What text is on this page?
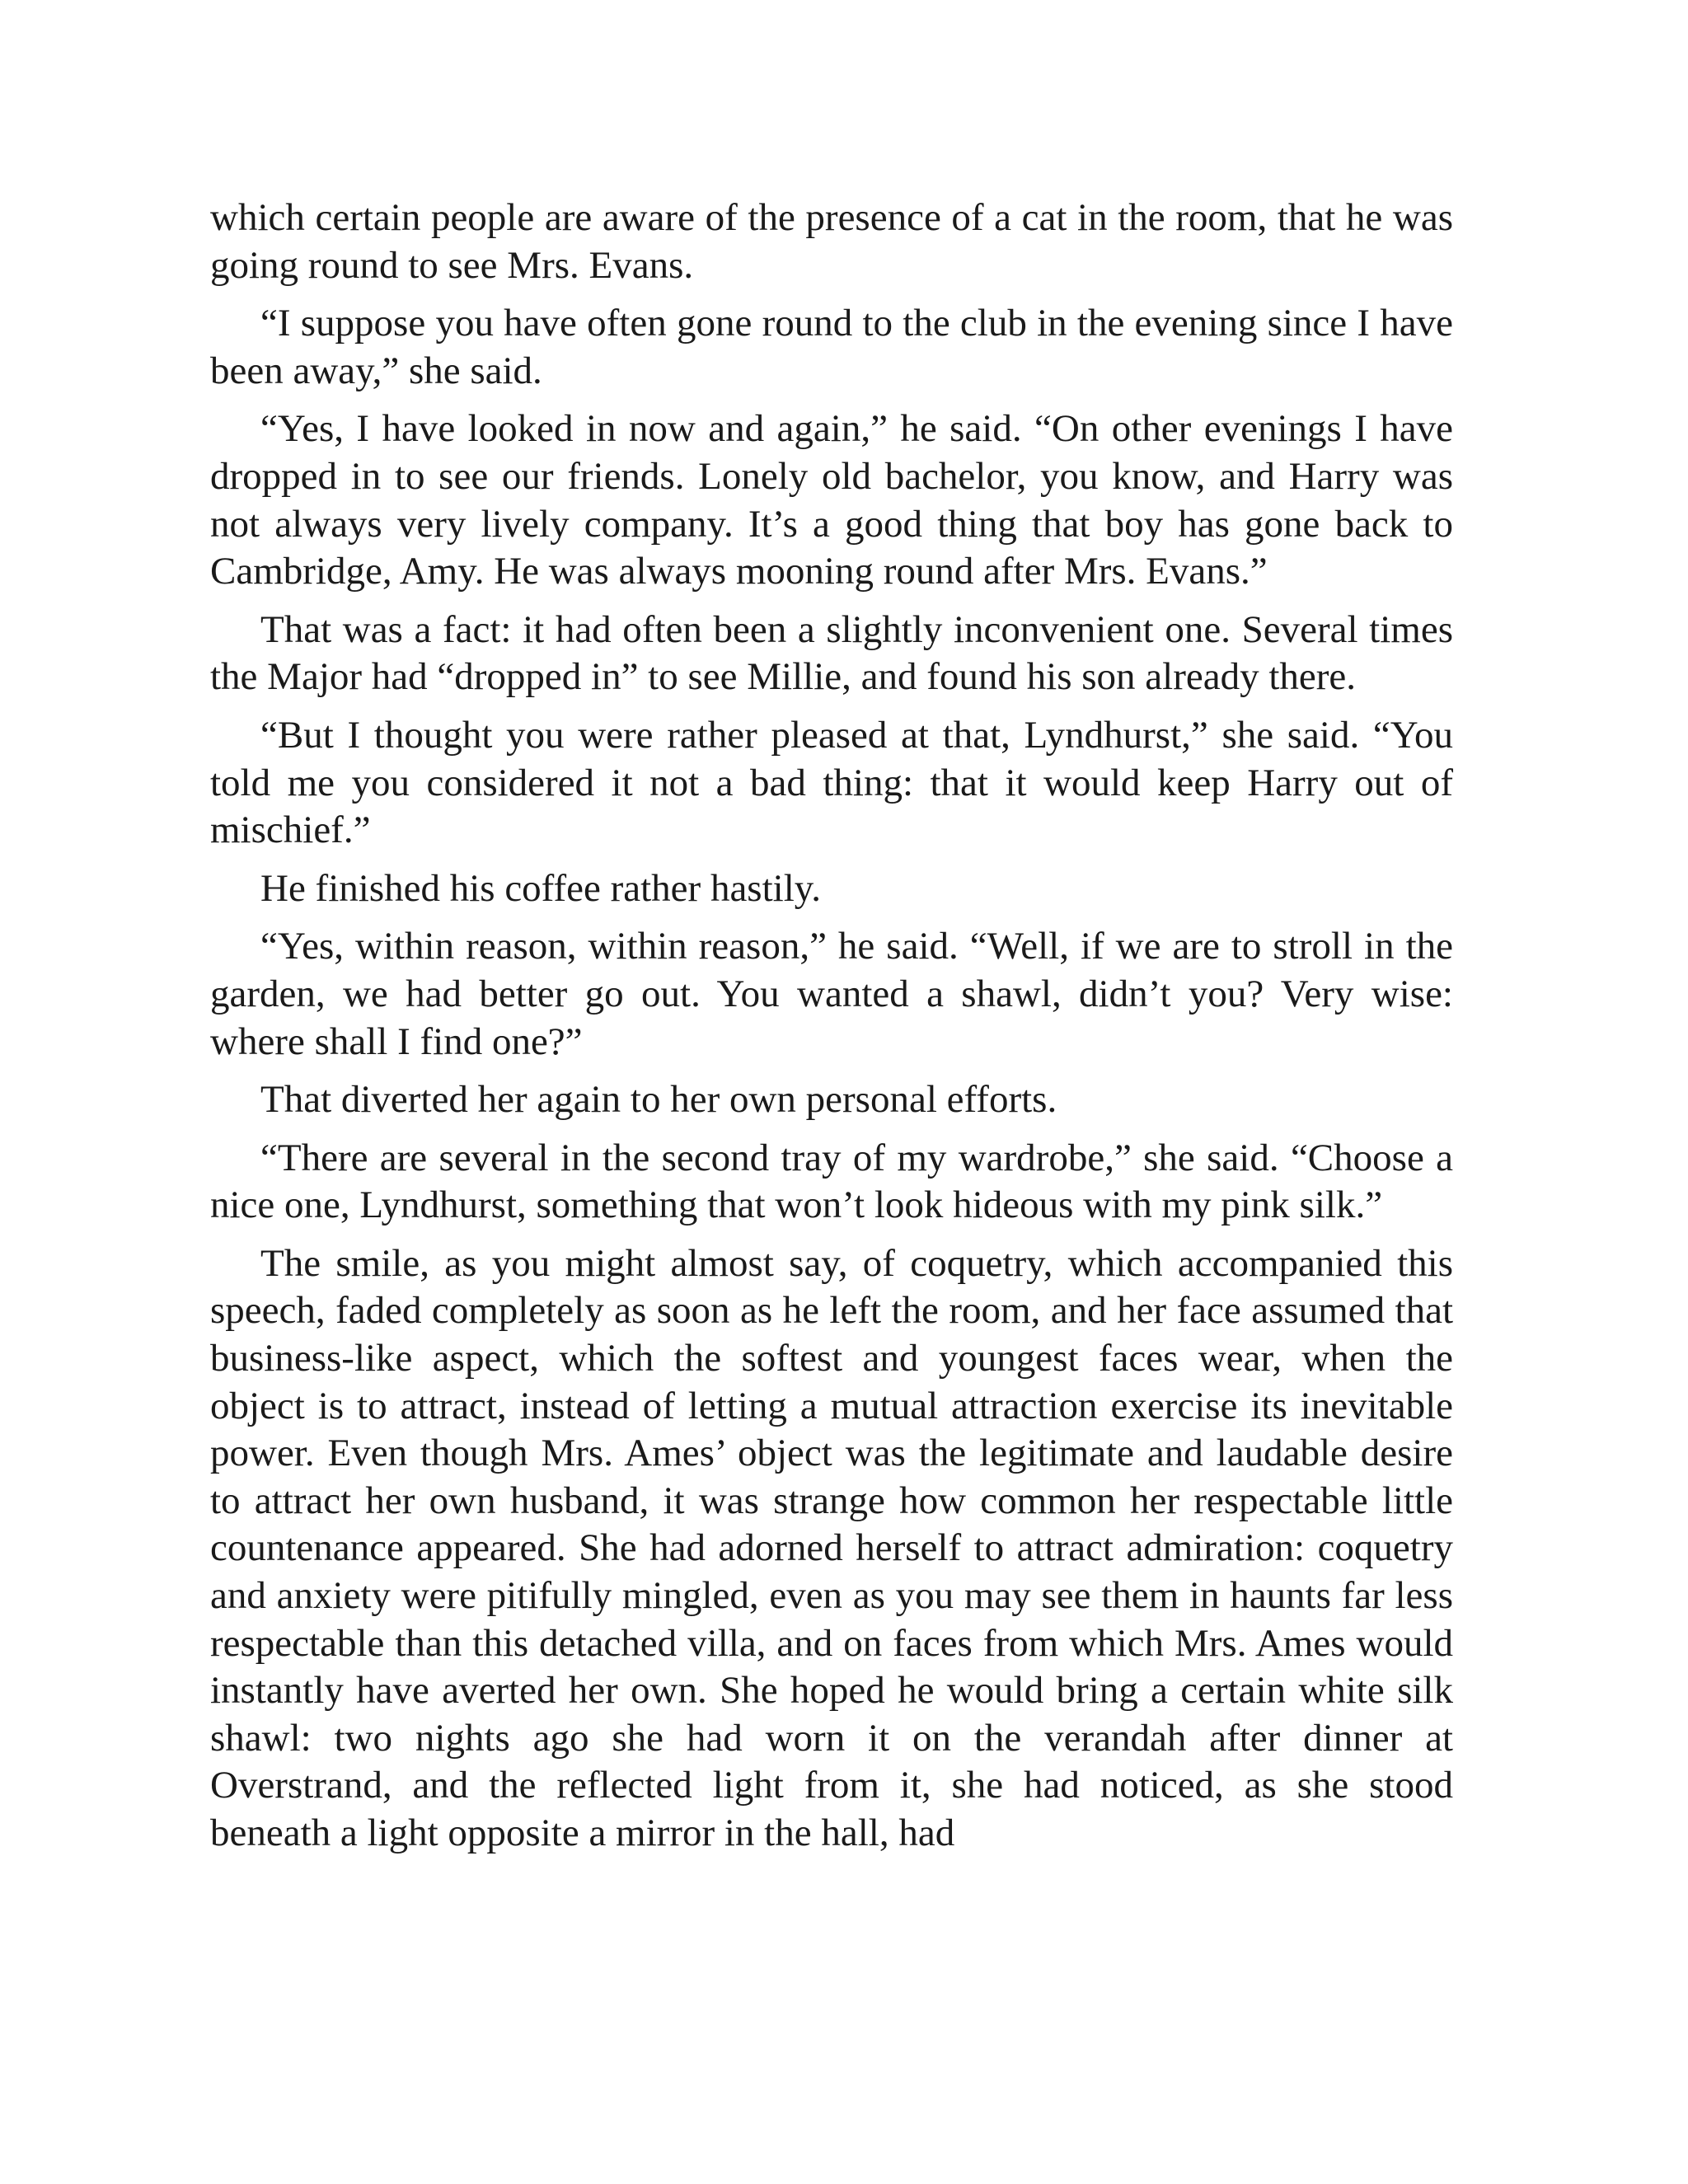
which certain people are aware of the presence of a cat in the room, that he was going round to see Mrs. Evans.

“I suppose you have often gone round to the club in the evening since I have been away,” she said.

“Yes, I have looked in now and again,” he said. “On other evenings I have dropped in to see our friends. Lonely old bachelor, you know, and Harry was not always very lively company. It’s a good thing that boy has gone back to Cambridge, Amy. He was always mooning round after Mrs. Evans.”

That was a fact: it had often been a slightly inconvenient one. Several times the Major had “dropped in” to see Millie, and found his son already there.

“But I thought you were rather pleased at that, Lyndhurst,” she said. “You told me you considered it not a bad thing: that it would keep Harry out of mischief.”

He finished his coffee rather hastily.

“Yes, within reason, within reason,” he said. “Well, if we are to stroll in the garden, we had better go out. You wanted a shawl, didn’t you? Very wise: where shall I find one?”

That diverted her again to her own personal efforts.

“There are several in the second tray of my wardrobe,” she said. “Choose a nice one, Lyndhurst, something that won’t look hideous with my pink silk.”

The smile, as you might almost say, of coquetry, which accompanied this speech, faded completely as soon as he left the room, and her face assumed that business-like aspect, which the softest and youngest faces wear, when the object is to attract, instead of letting a mutual attraction exercise its inevitable power. Even though Mrs. Ames’ object was the legitimate and laudable desire to attract her own husband, it was strange how common her respectable little countenance appeared. She had adorned herself to attract admiration: coquetry and anxiety were pitifully mingled, even as you may see them in haunts far less respectable than this detached villa, and on faces from which Mrs. Ames would instantly have averted her own. She hoped he would bring a certain white silk shawl: two nights ago she had worn it on the verandah after dinner at Overstrand, and the reflected light from it, she had noticed, as she stood beneath a light opposite a mirror in the hall, had
